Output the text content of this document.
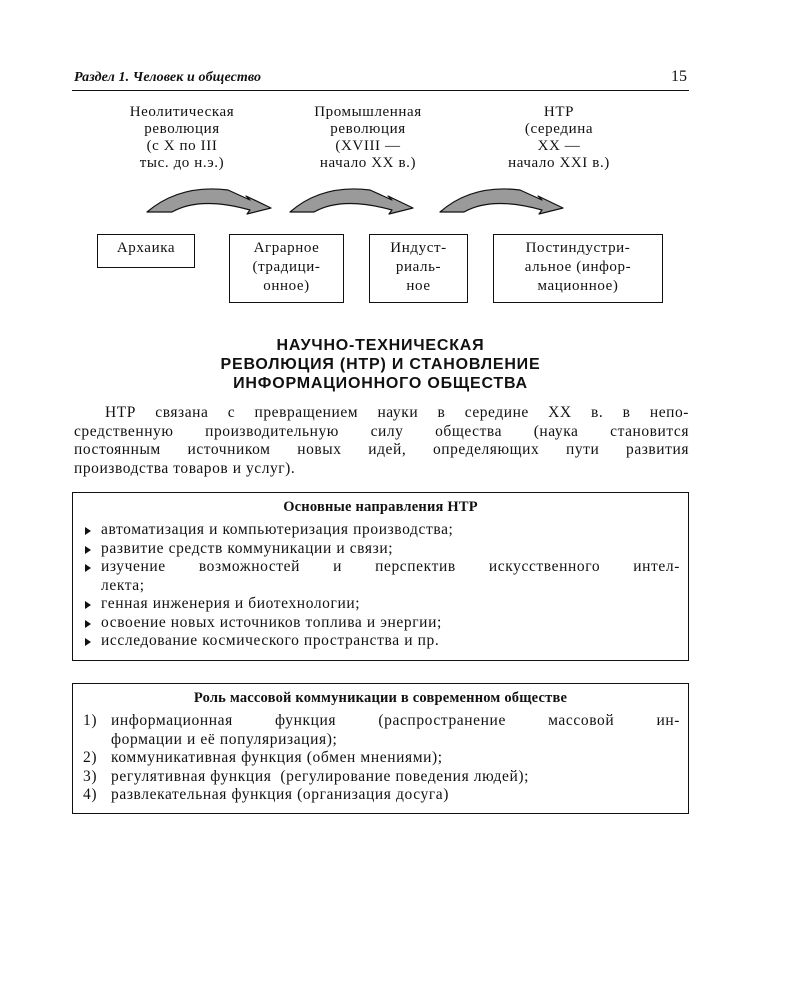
Раздел 1. Человек и общество	15
Неолитическая
революция
(с X по III
тыс. до н.э.)
Промышленная
революция
(XVIII —
начало XX в.)
НТР
(середина
XX —
начало XXI в.)
Архаика	Аграрное
(традици-
онное)
Индуст-
риаль-
ное
Постиндустри-
альное (инфор-
мационное)
НАУЧНО-ТЕХНИЧЕСКАЯ
РЕВОЛЮЦИЯ (НТР) И СТАНОВЛЕНИЕ
ИНФОРМАЦИОННОГО ОБЩЕСТВА
НТР связана с превращением науки в середине XX в. в непо-
средственную производительную силу общества (наука становится
постоянным источником новых идей, определяющих пути развития
производства товаров и услуг).
Основные направления НТР
автоматизация и компьютеризация производства;
развитие средств коммуникации и связи;
изучение возможностей и перспектив искусственного интел-
лекта;
генная инженерия и биотехнологии;
освоение новых источников топлива и энергии;
исследование космического пространства и пр.
Роль массовой коммуникации в современном обществе
1) информационная функция (распространение массовой ин-
формации и её популяризация);
2) коммуникативная функция (обмен мнениями);
3) регулятивная функция  (регулирование поведения людей);
4) развлекательная функция (организация досуга)
